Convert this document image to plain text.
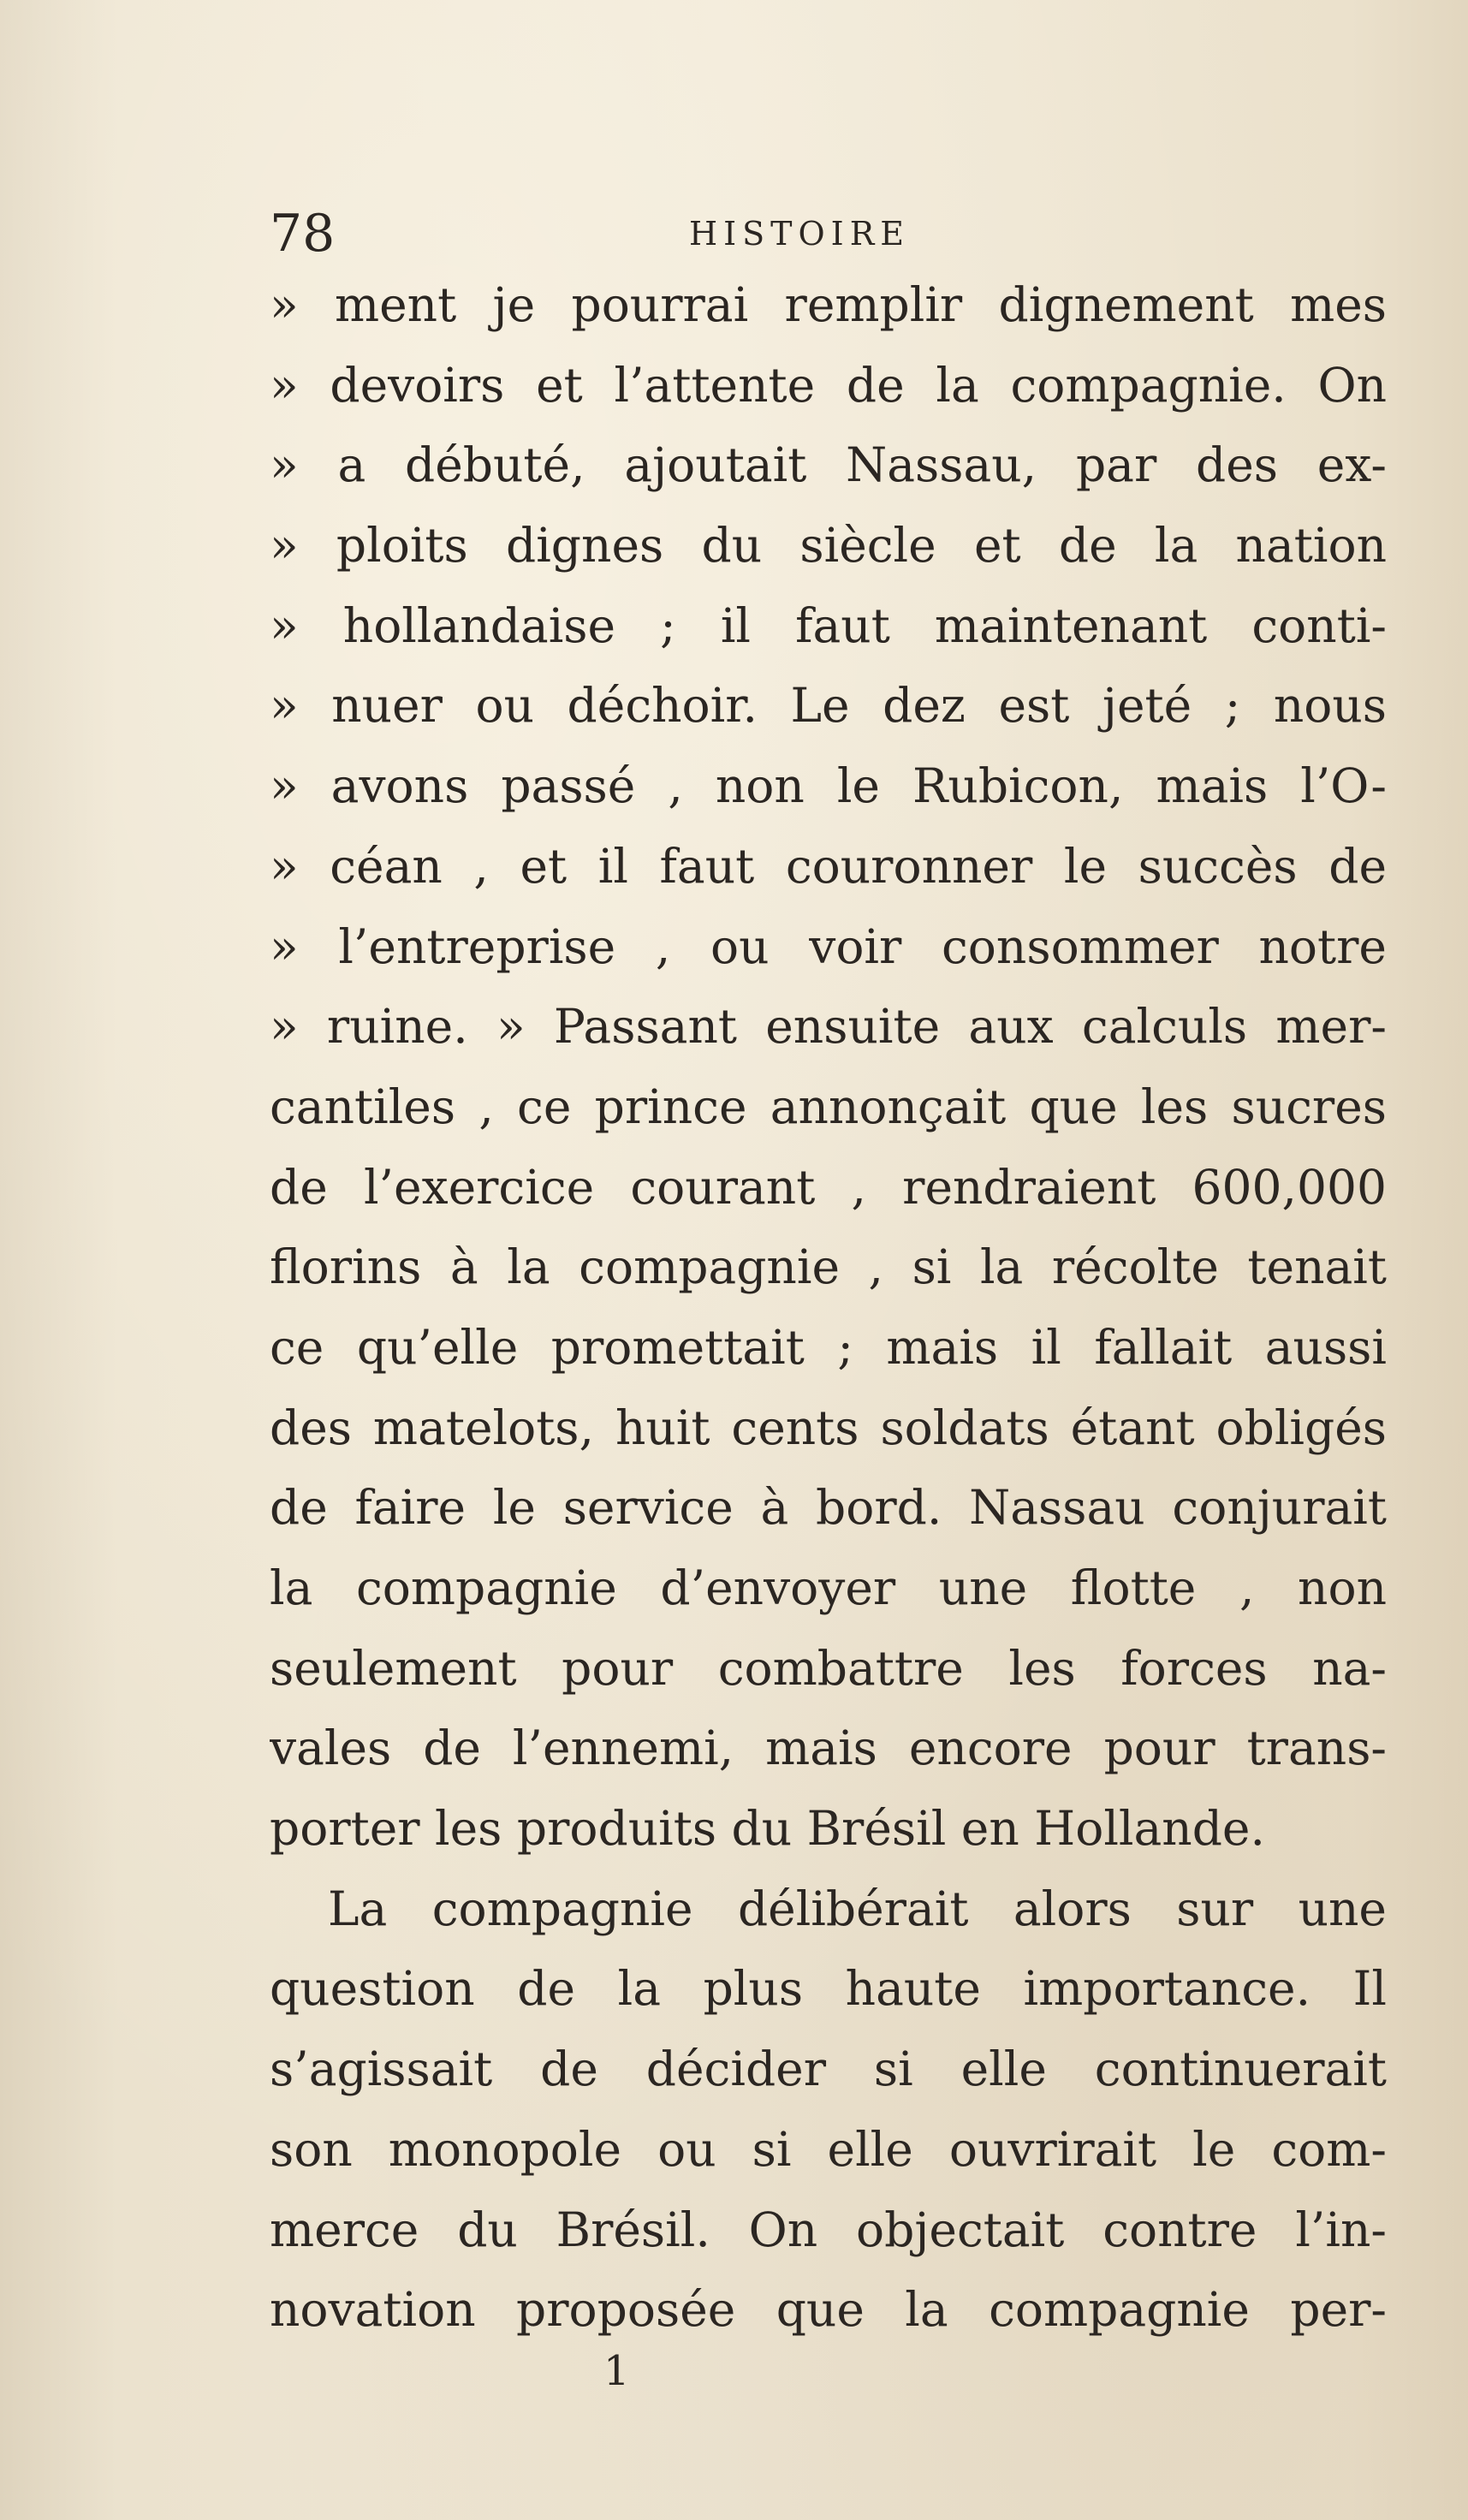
78	HISTOIRE
» ment je pourrai remplir dignement mes
» devoirs et l’attente de la compagnie. On
» a débuté, ajoutait Nassau, par des ex-
» ploits dignes du siècle et de la nation
» hollandaise ; il faut maintenant conti-
» nuer ou déchoir. Le dez est jeté ; nous
» avons passé , non le Rubicon, mais l’O-
» céan , et il faut couronner le succès de
» l’entreprise , ou voir consommer notre
» ruine. » Passant ensuite aux calculs mer-
cantiles , ce prince annonçait que les sucres
de l’exercice courant , rendraient 600,000
florins à la compagnie , si la récolte tenait
ce qu’elle promettait ; mais il fallait aussi
des matelots, huit cents soldats étant obligés
de faire le service à bord. Nassau conjurait
la compagnie d’envoyer une flotte , non
seulement pour combattre les forces na-
vales de l’ennemi, mais encore pour trans-
porter les produits du Brésil en Hollande.
La compagnie délibérait alors sur une
question de la plus haute importance. Il
s’agissait de décider si elle continuerait
son monopole ou si elle ouvrirait le com-
merce du Brésil. On objectait contre l’in-
novation proposée que la compagnie per-
1
